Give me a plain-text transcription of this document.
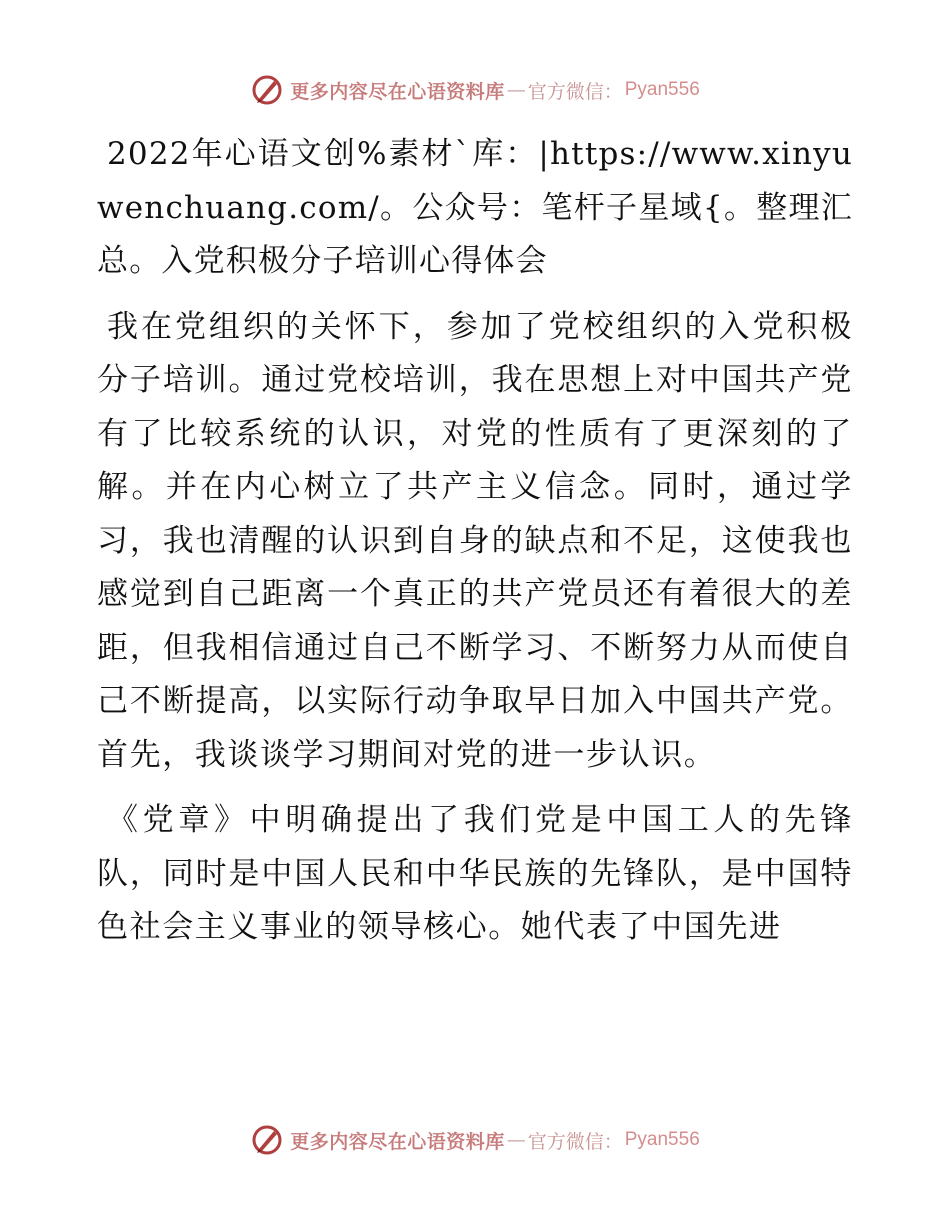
更多内容尽在心语资料库 — 官方微信： Pyan556

2022年心语文创%素材`库：|https://www.xinyuwenchuang.com/。公众号：笔杆子星域{。整理汇总。入党积极分子培训心得体会

我在党组织的关怀下，参加了党校组织的入党积极分子培训。通过党校培训，我在思想上对中国共产党有了比较系统的认识，对党的性质有了更深刻的了解。并在内心树立了共产主义信念。同时，通过学习，我也清醒的认识到自身的缺点和不足，这使我也感觉到自己距离一个真正的共产党员还有着很大的差距，但我相信通过自己不断学习、不断努力从而使自己不断提高，以实际行动争取早日加入中国共产党。首先，我谈谈学习期间对党的进一步认识。

《党章》中明确提出了我们党是中国工人的先锋队，同时是中国人民和中华民族的先锋队，是中国特色社会主义事业的领导核心。她代表了中国先进

更多内容尽在心语资料库 — 官方微信： Pyan556
